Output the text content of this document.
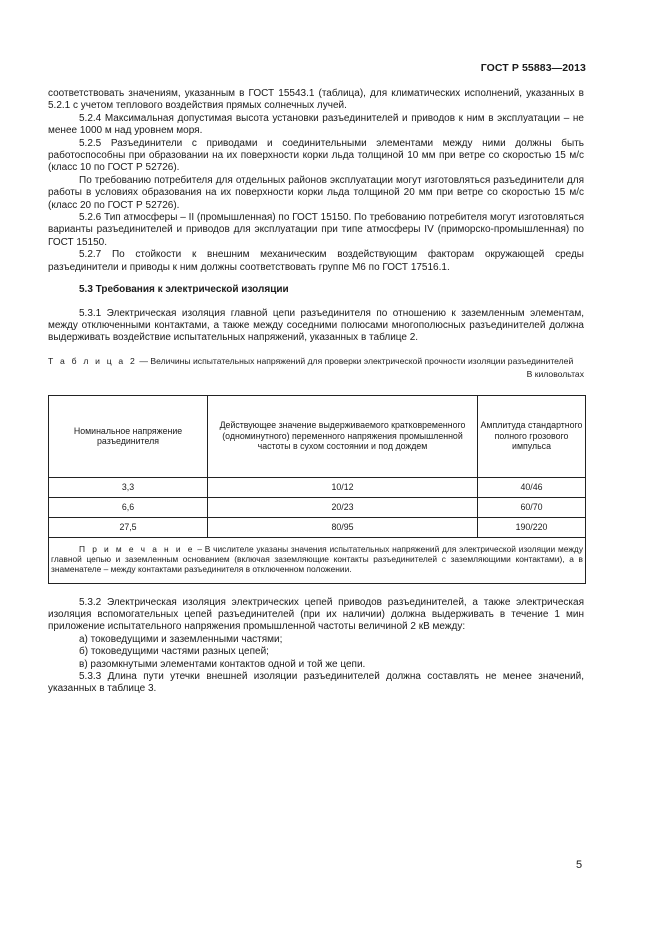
ГОСТ Р 55883—2013

соответствовать значениям, указанным в ГОСТ 15543.1 (таблица), для климатических исполнений, указанных в 5.2.1 с учетом теплового воздействия прямых солнечных лучей.

5.2.4 Максимальная допустимая высота установки разъединителей и приводов к ним в эксплуатации – не менее 1000 м над уровнем моря.

5.2.5 Разъединители с приводами и соединительными элементами между ними должны быть работоспособны при образовании на их поверхности корки льда толщиной 10 мм при ветре со скоростью 15 м/с (класс 10 по ГОСТ Р 52726).

По требованию потребителя для отдельных районов эксплуатации могут изготовляться разъединители для работы в условиях образования на их поверхности корки льда толщиной 20 мм при ветре со скоростью 15 м/с (класс 20 по ГОСТ Р 52726).

5.2.6 Тип атмосферы – II (промышленная) по ГОСТ 15150. По требованию потребителя могут изготовляться варианты разъединителей и приводов для эксплуатации при типе атмосферы IV (приморско-промышленная) по ГОСТ 15150.

5.2.7 По стойкости к внешним механическим воздействующим факторам окружающей среды разъединители и приводы к ним должны соответствовать группе М6 по ГОСТ 17516.1.

5.3 Требования к электрической изоляции

5.3.1 Электрическая изоляция главной цепи разъединителя по отношению к заземленным элементам, между отключенными контактами, а также между соседними полюсами многополюсных разъединителей должна выдерживать воздействие испытательных напряжений, указанных в таблице 2.

Т а б л и ц а 2 — Величины испытательных напряжений для проверки электрической прочности изоляции разъединителей

В киловольтах

Номинальное напряжение разъединителя	Действующее значение выдерживаемого кратковременного (одноминутного) переменного напряжения промышленной частоты в сухом состоянии и под дождем	Амплитуда стандартного полного грозового импульса
3,3	10/12	40/46
6,6	20/23	60/70
27,5	80/95	190/220
П р и м е ч а н и е – В числителе указаны значения испытательных напряжений для электрической изоляции между главной цепью и заземленным основанием (включая заземляющие контакты разъединителей с заземляющими контактами), а в знаменателе – между контактами разъединителя в отключенном положении.		

5.3.2 Электрическая изоляция электрических цепей приводов разъединителей, а также электрическая изоляция вспомогательных цепей разъединителей (при их наличии) должна выдерживать в течение 1 мин приложение испытательного напряжения промышленной частоты величиной 2 кВ между:

а) токоведущими и заземленными частями;

б) токоведущими частями разных цепей;

в) разомкнутыми элементами контактов одной и той же цепи.

5.3.3 Длина пути утечки внешней изоляции разъединителей должна составлять не менее значений, указанных в таблице 3.

5
